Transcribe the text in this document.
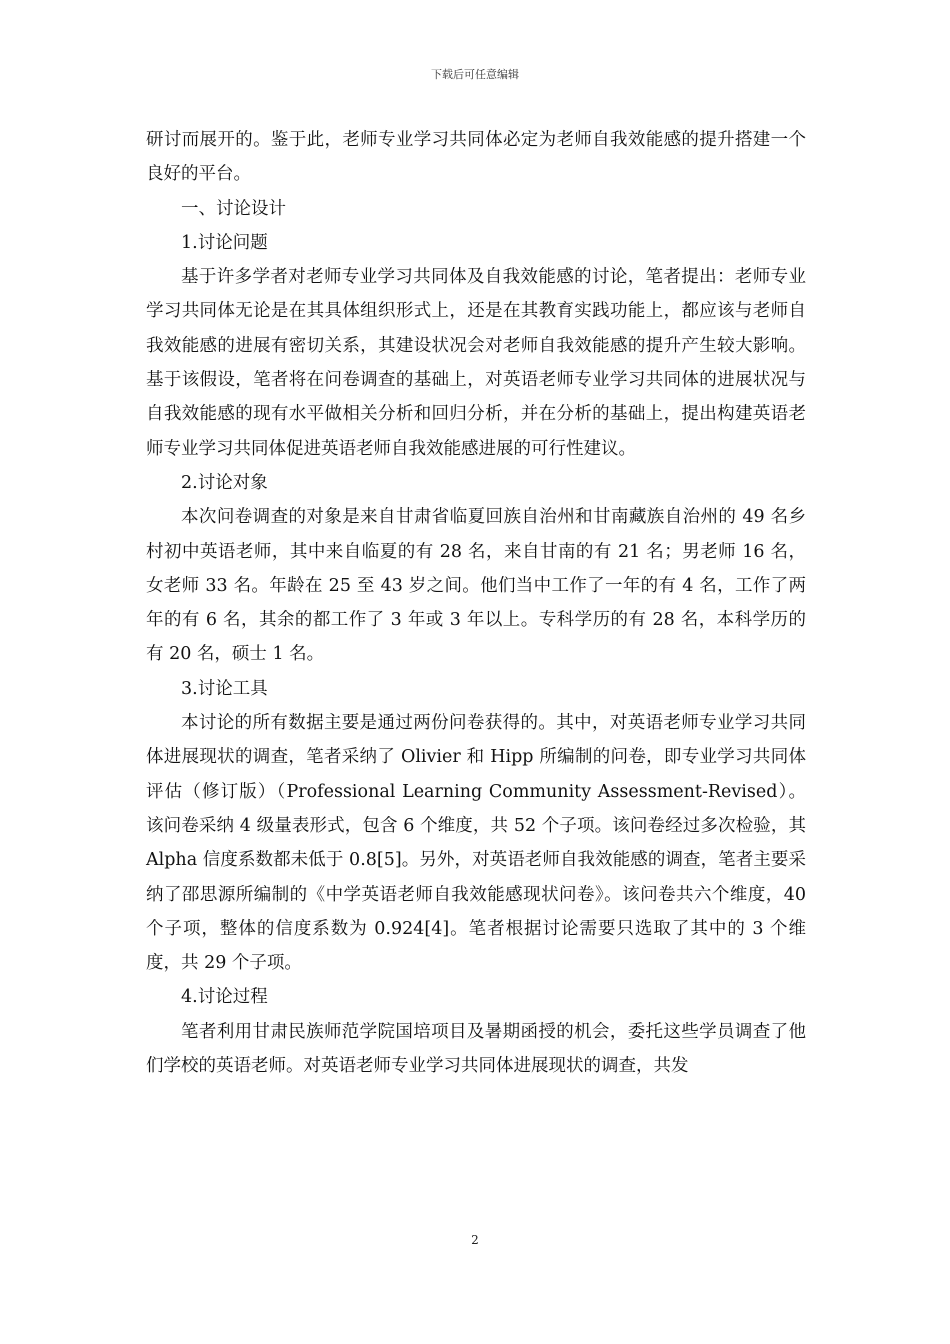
下载后可任意编辑

研讨而展开的。鉴于此，老师专业学习共同体必定为老师自我效能感的提升搭建一个良好的平台。

一、讨论设计

1.讨论问题

基于许多学者对老师专业学习共同体及自我效能感的讨论，笔者提出：老师专业学习共同体无论是在其具体组织形式上，还是在其教育实践功能上，都应该与老师自我效能感的进展有密切关系，其建设状况会对老师自我效能感的提升产生较大影响。基于该假设，笔者将在问卷调查的基础上，对英语老师专业学习共同体的进展状况与自我效能感的现有水平做相关分析和回归分析，并在分析的基础上，提出构建英语老师专业学习共同体促进英语老师自我效能感进展的可行性建议。

2.讨论对象

本次问卷调查的对象是来自甘肃省临夏回族自治州和甘南藏族自治州的 49 名乡村初中英语老师，其中来自临夏的有 28 名，来自甘南的有 21 名；男老师 16 名，女老师 33 名。年龄在 25 至 43 岁之间。他们当中工作了一年的有 4 名，工作了两年的有 6 名，其余的都工作了 3 年或 3 年以上。专科学历的有 28 名，本科学历的有 20 名，硕士 1 名。

3.讨论工具

本讨论的所有数据主要是通过两份问卷获得的。其中，对英语老师专业学习共同体进展现状的调查，笔者采纳了 Olivier 和 Hipp 所编制的问卷，即专业学习共同体评估（修订版）（Professional Learning Community Assessment-Revised）。该问卷采纳 4 级量表形式，包含 6 个维度，共 52 个子项。该问卷经过多次检验，其 Alpha 信度系数都未低于 0.8[5]。另外，对英语老师自我效能感的调查，笔者主要采纳了邵思源所编制的《中学英语老师自我效能感现状问卷》。该问卷共六个维度，40 个子项，整体的信度系数为 0.924[4]。笔者根据讨论需要只选取了其中的 3 个维度，共 29 个子项。

4.讨论过程

笔者利用甘肃民族师范学院国培项目及暑期函授的机会，委托这些学员调查了他们学校的英语老师。对英语老师专业学习共同体进展现状的调查，共发

2
